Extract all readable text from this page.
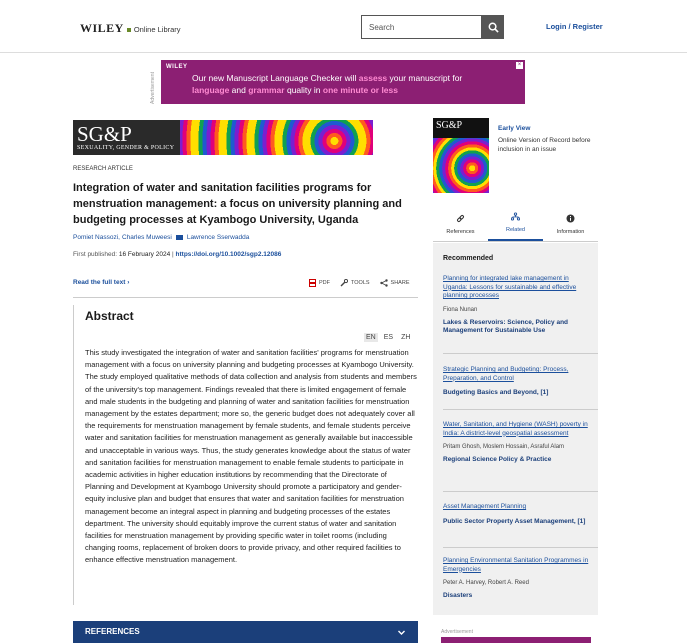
WILEY Online Library	Search	Login / Register
Advertisement
WILEY
Our new Manuscript Language Checker will assess your manuscript for language and grammar quality in one minute or less
×
SG&P
SEXUALITY, GENDER & POLICY
RESEARCH ARTICLE
Integration of water and sanitation facilities programs for menstruation management: a focus on university planning and budgeting processes at Kyambogo University, Uganda
Pomiet Nassozi, Charles Muweesi Lawrence Sserwadda
First published: 16 February 2024 | https://doi.org/10.1002/sgp2.12086
Read the full text ›	PDF	TOOLS	SHARE
Abstract
EN ES ZH

This study investigated the integration of water and sanitation facilities' programs for menstruation management with a focus on university planning and budgeting processes at Kyambogo University. The study employed qualitative methods of data collection and analysis from students and members of the university's top management. Findings revealed that there is limited engagement of female and male students in the budgeting and planning of water and sanitation facilities for menstruation management by the estates department; more so, the generic budget does not adequately cover all the requirements for menstruation management by female students, and female students perceive water and sanitation facilities for menstruation management as generally available but inaccessible and unacceptable in various ways. Thus, the study generates knowledge about the status of water and sanitation facilities for menstruation management to enable female students to participate in academic activities in higher education institutions by recommending that the Directorate of Planning and Development at Kyambogo University should promote a participatory and gender-equity inclusive plan and budget that ensures that water and sanitation facilities for menstruation management become an integral aspect in planning and budgeting processes of the estates department. The university should equitably improve the current status of water and sanitation facilities for menstruation management by providing specific water in toilet rooms (including changing rooms, replacement of broken doors to provide privacy, and other required facilities to enhance effective menstruation management.

REFERENCES
SG&P	Early View
Online Version of Record before inclusion in an issue
References	Related	Information
Recommended
Planning for integrated lake management in Uganda: Lessons for sustainable and effective planning processes
Fiona Nunan
Lakes & Reservoirs: Science, Policy and Management for Sustainable Use
Strategic Planning and Budgeting: Process, Preparation, and Control
Budgeting Basics and Beyond, [1]
Water, Sanitation, and Hygiene (WASH) poverty in India: A district-level geospatial assessment
Pritam Ghosh, Moslem Hossain, Asraful Alam
Regional Science Policy & Practice
Asset Management Planning
Public Sector Property Asset Management, [1]
Planning Environmental Sanitation Programmes in Emergencies
Peter A. Harvey, Robert A. Reed
Disasters
Advertisement
